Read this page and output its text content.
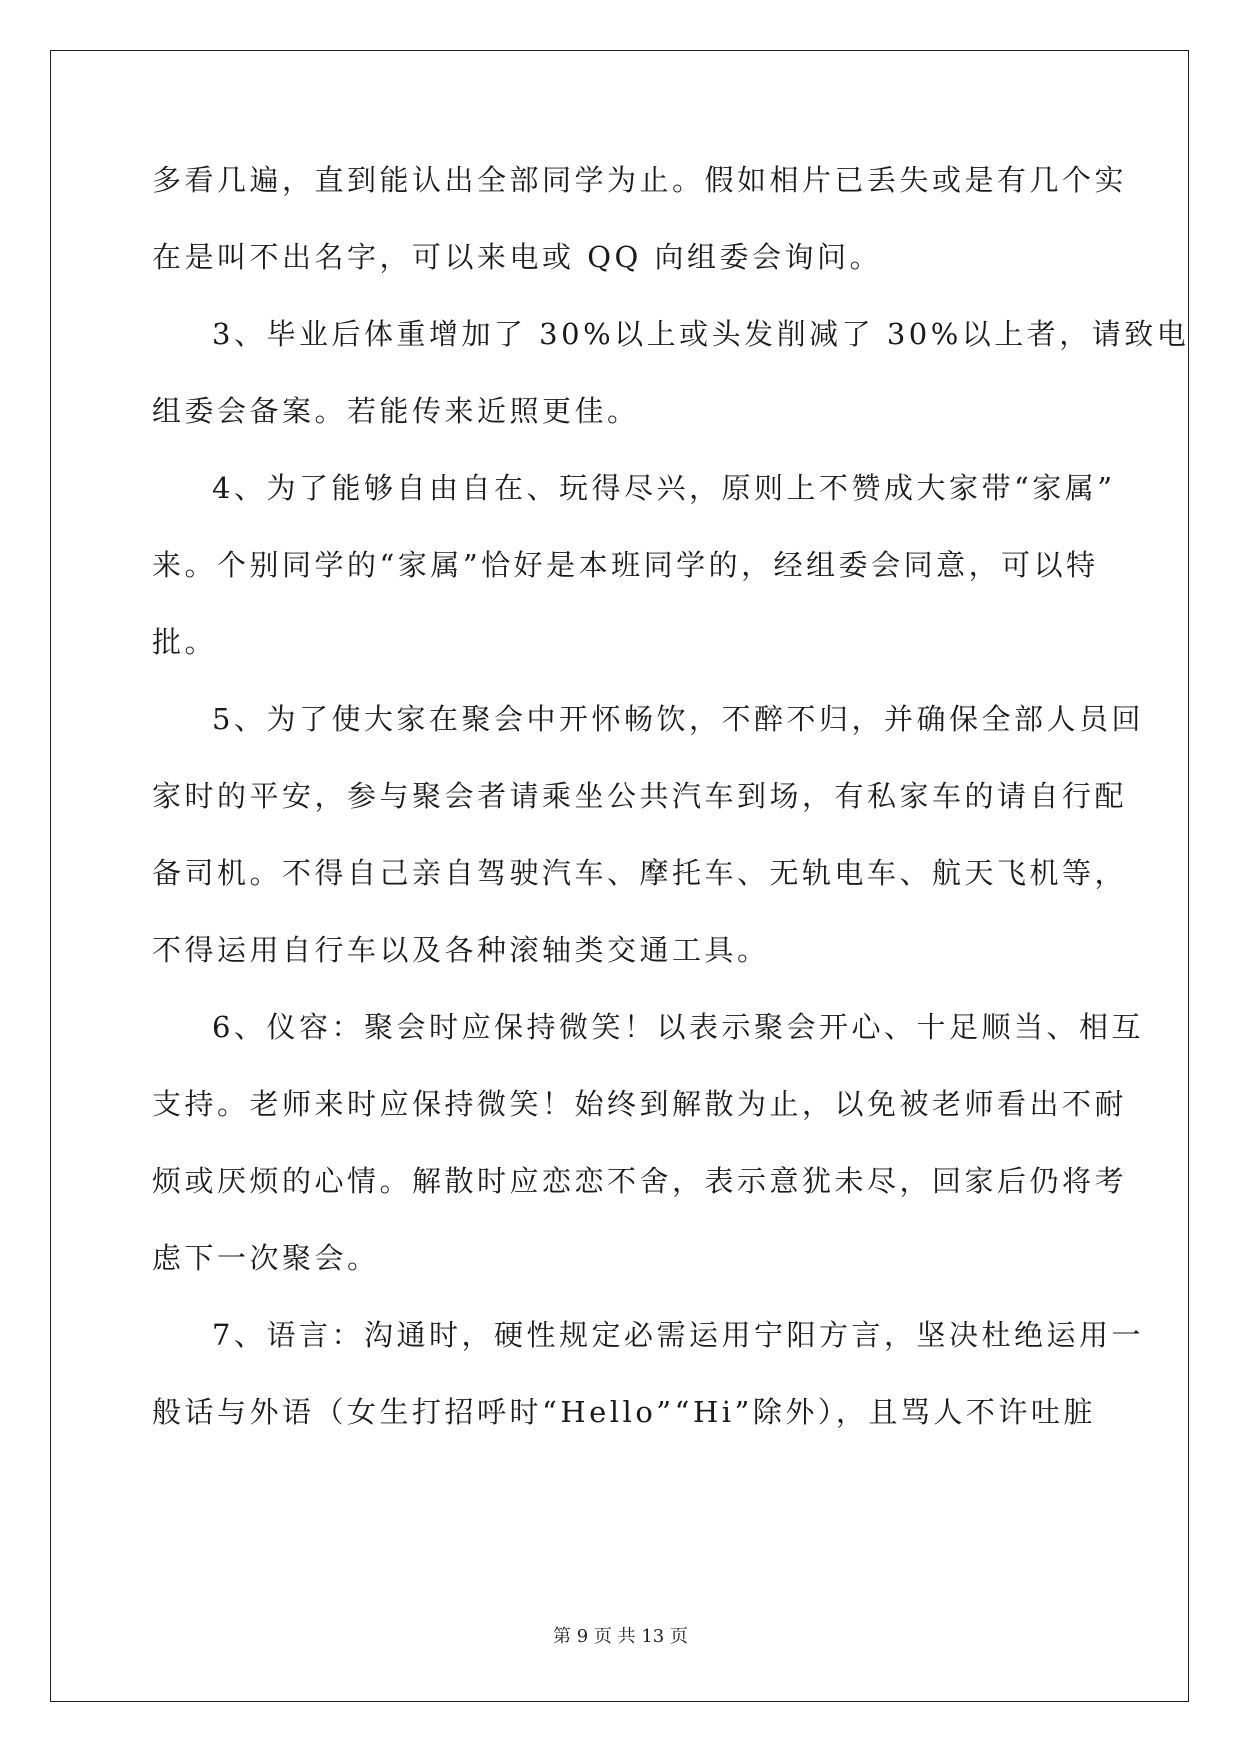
多看几遍，直到能认出全部同学为止。假如相片已丢失或是有几个实
在是叫不出名字，可以来电或 QQ 向组委会询问。
3、毕业后体重增加了 30%以上或头发削减了 30%以上者，请致电
组委会备案。若能传来近照更佳。
4、为了能够自由自在、玩得尽兴，原则上不赞成大家带“家属”
来。个别同学的“家属”恰好是本班同学的，经组委会同意，可以特
批。
5、为了使大家在聚会中开怀畅饮，不醉不归，并确保全部人员回
家时的平安，参与聚会者请乘坐公共汽车到场，有私家车的请自行配
备司机。不得自己亲自驾驶汽车、摩托车、无轨电车、航天飞机等，
不得运用自行车以及各种滚轴类交通工具。
6、仪容：聚会时应保持微笑！以表示聚会开心、十足顺当、相互
支持。老师来时应保持微笑！始终到解散为止，以免被老师看出不耐
烦或厌烦的心情。解散时应恋恋不舍，表示意犹未尽，回家后仍将考
虑下一次聚会。
7、语言：沟通时，硬性规定必需运用宁阳方言，坚决杜绝运用一
般话与外语（女生打招呼时“Hello”“Hi”除外），且骂人不许吐脏
第 9 页 共 13 页
